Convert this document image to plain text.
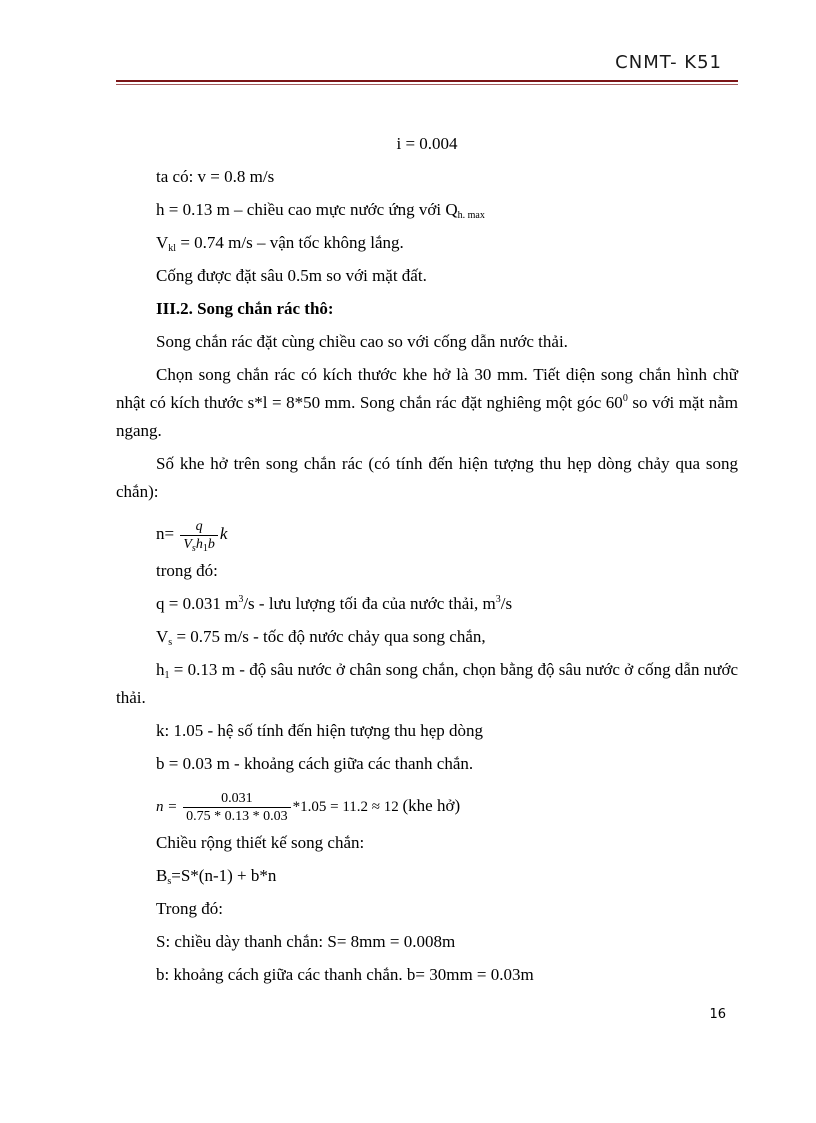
CNMT- K51
i = 0.004
ta có: v = 0.8 m/s
h = 0.13 m – chiều cao mực nước ứng với $Q_{h. max}$
$V_{kl} = 0.74$ m/s – vận tốc không lắng.
Cống được đặt sâu 0.5m so với mặt đất.
III.2. Song chắn rác thô:
Song chắn rác đặt cùng chiều cao so với cống dẫn nước thải.
Chọn song chắn rác có kích thước khe hở là 30 mm. Tiết diện song chắn hình chữ nhật có kích thước s*l = 8*50 mm. Song chắn rác đặt nghiêng một góc $60^0$ so với mặt nằm ngang.
Số khe hở trên song chắn rác (có tính đến hiện tượng thu hẹp dòng chảy qua song chắn):
$n= \frac{q}{V_sh_1b}$ k
trong đó:
q = 0.031 $m^3/s$ - lưu lượng tối đa của nước thải, $m^3/s$
$V_s = 0.75$ m/s - tốc độ nước chảy qua song chắn,
$h_1 = 0.13$ m - độ sâu nước ở chân song chắn, chọn bằng độ sâu nước ở cống dẫn nước thải.
k: 1.05 - hệ số tính đến hiện tượng thu hẹp dòng
b = 0.03 m - khoảng cách giữa các thanh chắn.
$n = \frac{0.031}{0.75 * 0.13 * 0.03} *1.05 = 11.2 \approx 12$ (khe hở)
Chiều rộng thiết kế song chắn:
$B_s=S*(n-1) + b*n$
Trong đó:
S: chiều dày thanh chắn: S= 8mm = 0.008m
b: khoảng cách giữa các thanh chắn. b= 30mm = 0.03m
16
